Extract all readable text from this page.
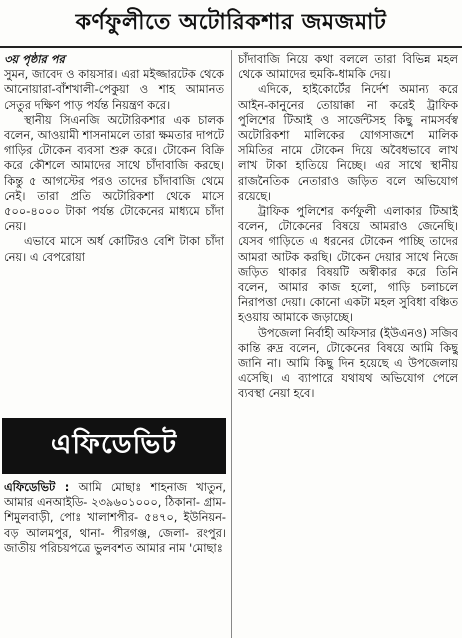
কর্ণফুলীতে অটোরিকশার জমজমাট

৩য় পৃষ্ঠার পর

সুমন, জাবেদ ও কায়সার। এরা মইজ্জারটেক থেকে আনোয়ারা-বাঁশখালী-পেকুয়া ও শাহ আমানত সেতুর দক্ষিণ পাড় পর্যন্ত নিয়ন্ত্রণ করে।

স্থানীয় সিএনজি অটোরিকশার এক চালক বলেন, আওয়ামী শাসনামলে তারা ক্ষমতার দাপটে গাড়ির টোকেন ব্যবসা শুরু করে। টোকেন বিক্রি করে কৌশলে আমাদের সাথে চাঁদাবাজি করছে। কিন্তু ৫ আগস্টের পরও তাদের চাঁদাবাজি থেমে নেই। তারা প্রতি অটোরিকশা থেকে মাসে ৫০০-৪০০০ টাকা পর্যন্ত টোকেনের মাধ্যমে চাঁদা নেয়।

এভাবে মাসে অর্ধ কোটিরও বেশি টাকা চাঁদা নেয়। এ বেপরোয়া

এফিডেভিট

এফিডেভিট : আমি মোছাঃ শাহনাজ খাতুন, আমার এনআইডি- ২৩৯৬০১০০০, ঠিকানা- গ্রাম- শিমুলবাড়ী, পোঃ খালাশপীর- ৫৪৭০, ইউনিয়ন- বড় আলমপুর, থানা- পীরগঞ্জ, জেলা- রংপুর। জাতীয় পরিচয়পত্রে ভুলবশত আমার নাম 'মোছাঃ

চাঁদাবাজি নিয়ে কথা বললে তারা বিভিন্ন মহল থেকে আমাদের হুমকি-ধামকি দেয়।

এদিকে, হাইকোর্টের নির্দেশ অমান্য করে আইন-কানুনের তোয়াক্কা না করেই ট্রাফিক পুলিশের টিআই ও সার্জেন্টসহ কিছু নামসর্বস্ব অটোরিকশা মালিকের যোগসাজশে মালিক সমিতির নামে টোকেন দিয়ে অবৈধভাবে লাখ লাখ টাকা হাতিয়ে নিচ্ছে। এর সাথে স্থানীয় রাজনৈতিক নেতারাও জড়িত বলে অভিযোগ রয়েছে।

ট্রাফিক পুলিশের কর্ণফুলী এলাকার টিআই বলেন, টোকেনের বিষয়ে আমরাও জেনেছি। যেসব গাড়িতে এ ধরনের টোকেন পাচ্ছি তাদের আমরা আটক করছি। টোকেন দেয়ার সাথে নিজে জড়িত থাকার বিষয়টি অস্বীকার করে তিনি বলেন, আমার কাজ হলো, গাড়ি চলাচলে নিরাপত্তা দেয়া। কোনো একটা মহল সুবিধা বঞ্চিত হওয়ায় আমাকে জড়াচ্ছে।

উপজেলা নির্বাহী অফিসার (ইউএনও) সজিব কান্তি রুদ্র বলেন, টোকেনের বিষয়ে আমি কিছু জানি না। আমি কিছু দিন হয়েছে এ উপজেলায় এসেছি। এ ব্যাপারে যথাযথ অভিযোগ পেলে ব্যবস্থা নেয়া হবে।
